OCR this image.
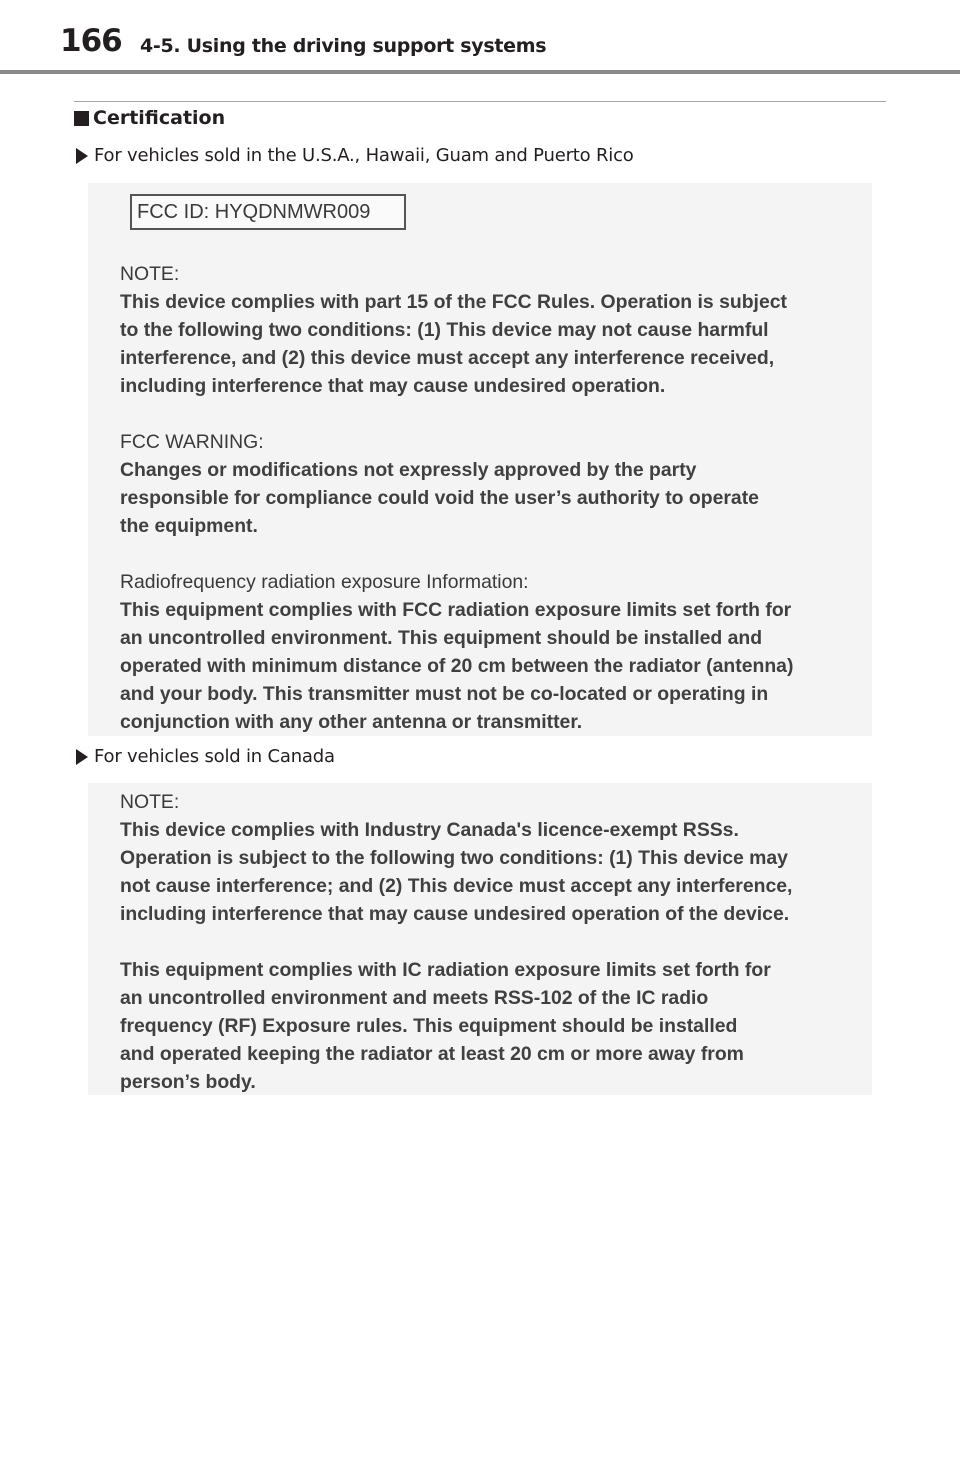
166 4-5. Using the driving support systems
Certification
For vehicles sold in the U.S.A., Hawaii, Guam and Puerto Rico
FCC ID: HYQDNMWR009
NOTE:
This device complies with part 15 of the FCC Rules. Operation is subject
to the following two conditions: (1) This device may not cause harmful
interference, and (2) this device must accept any interference received,
including interference that may cause undesired operation.
FCC WARNING:
Changes or modifications not expressly approved by the party
responsible for compliance could void the user’s authority to operate
the equipment.
Radiofrequency radiation exposure Information:
This equipment complies with FCC radiation exposure limits set forth for
an uncontrolled environment. This equipment should be installed and
operated with minimum distance of 20 cm between the radiator (antenna)
and your body. This transmitter must not be co-located or operating in
conjunction with any other antenna or transmitter.
For vehicles sold in Canada
NOTE:
This device complies with Industry Canada's licence-exempt RSSs.
Operation is subject to the following two conditions: (1) This device may
not cause interference; and (2) This device must accept any interference,
including interference that may cause undesired operation of the device.
This equipment complies with IC radiation exposure limits set forth for
an uncontrolled environment and meets RSS-102 of the IC radio
frequency (RF) Exposure rules. This equipment should be installed
and operated keeping the radiator at least 20 cm or more away from
person’s body.
